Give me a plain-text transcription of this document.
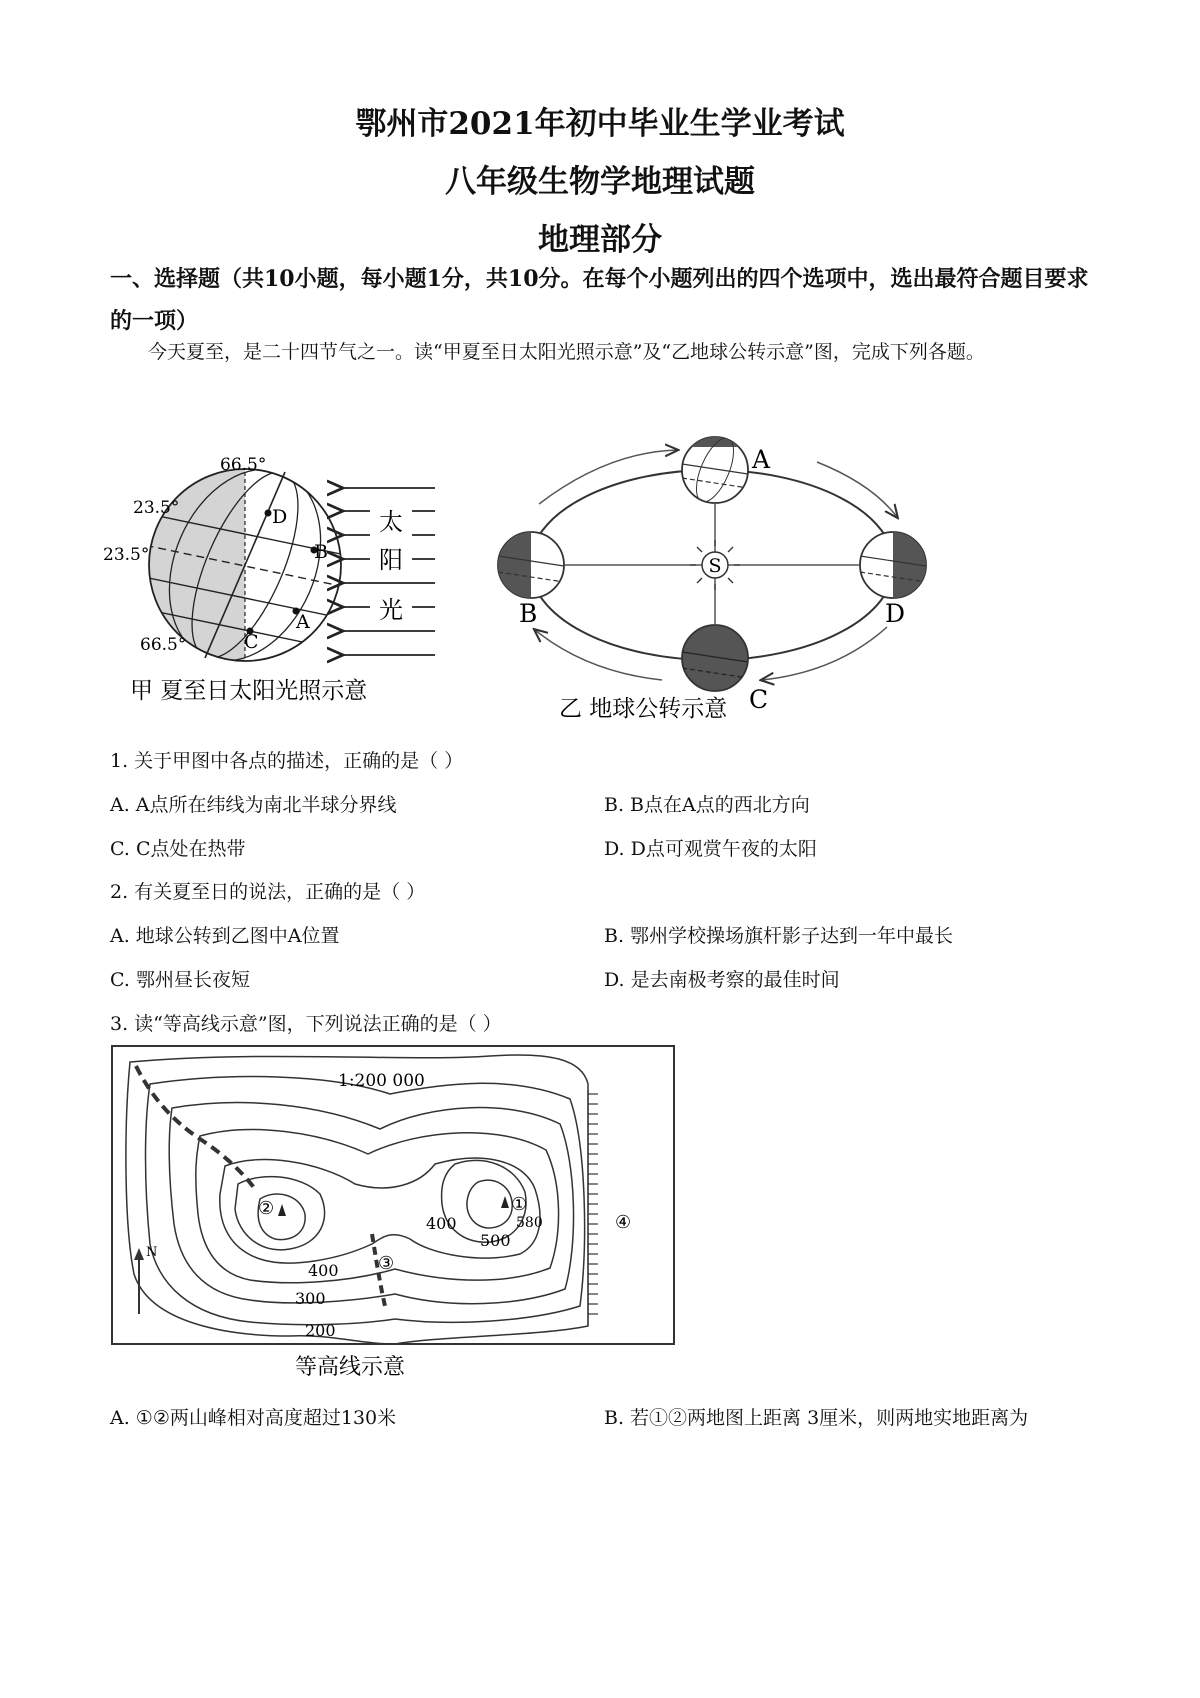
鄂州市2021年初中毕业生学业考试
八年级生物学地理试题
地理部分
一、选择题（共10小题，每小题1分，共10分。在每个小题列出的四个选项中，选出最符合题目要求的一项）
今天夏至，是二十四节气之一。读“甲夏至日太阳光照示意”及“乙地球公转示意”图，完成下列各题。
66.5°
23.5°
23.5°
66.5°
D
B
A
C
太
阳
光
甲 夏至日太阳光照示意
S
A
B
C
D
乙 地球公转示意
1. 关于甲图中各点的描述，正确的是（ ）
A. A点所在纬线为南北半球分界线	B. B点在A点的西北方向
C. C点处在热带	D. D点可观赏午夜的太阳
2. 有关夏至日的说法，正确的是（ ）
A. 地球公转到乙图中A位置	B. 鄂州学校操场旗杆影子达到一年中最长
C. 鄂州昼长夜短	D. 是去南极考察的最佳时间
3. 读“等高线示意”图，下列说法正确的是（ ）
N
1:200 000
400
500
580
400
300
200
①
②
③
④
等高线示意
A. ①②两山峰相对高度超过130米	B. 若①②两地图上距离 3厘米，则两地实地距离为
